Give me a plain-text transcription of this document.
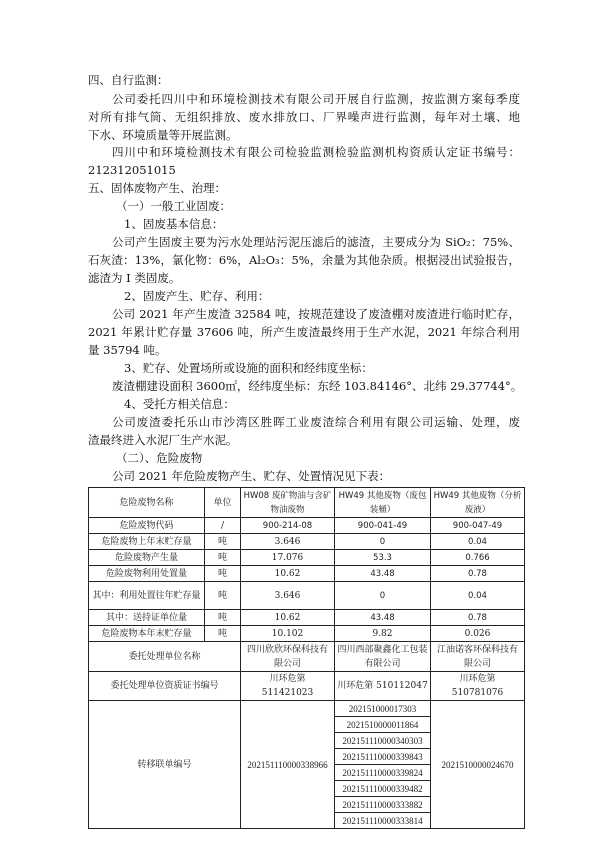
四、自行监测：
公司委托四川中和环境检测技术有限公司开展自行监测，按监测方案每季度
对所有排气筒、无组织排放、废水排放口、厂界噪声进行监测，每年对土壤、地
下水、环境质量等开展监测。
四川中和环境检测技术有限公司检验监测检验监测机构资质认定证书编号：
212312051015
五、固体废物产生、治理：
（一）一般工业固废：
1、固废基本信息：
公司产生固废主要为污水处理站污泥压滤后的滤渣，主要成分为 SiO₂：75%、
石灰渣：13%，氯化物：6%，Al₂O₃：5%，余量为其他杂质。根据浸出试验报告，
滤渣为 I 类固废。
2、固废产生、贮存、利用：
公司 2021 年产生废渣 32584 吨，按规范建设了废渣棚对废渣进行临时贮存，
2021 年累计贮存量 37606 吨，所产生废渣最终用于生产水泥，2021 年综合利用
量 35794 吨。
3、贮存、处置场所或设施的面积和经纬度坐标：
废渣棚建设面积 3600㎡，经纬度坐标：东经 103.84146°、北纬 29.37744°。
4、受托方相关信息：
公司废渣委托乐山市沙湾区胜晖工业废渣综合利用有限公司运输、处理，废
渣最终进入水泥厂生产水泥。
（二）、危险废物
公司 2021 年危险废物产生、贮存、处置情况见下表：
危险废物名称	单位	HW08 废矿物油与含矿物油废物	HW49 其他废物（废包装桶）	HW49 其他废物（分析废液）
危险废物代码	/	900-214-08	900-041-49	900-047-49
危险废物上年末贮存量	吨	3.646	0	0.04
危险废物产生量	吨	17.076	53.3	0.766
危险废物利用处置量	吨	10.62	43.48	0.78
其中：利用处置往年贮存量	吨	3.646	0	0.04
其中：送持证单位量	吨	10.62	43.48	0.78
危险废物本年末贮存量	吨	10.102	9.82	0.026
委托处理单位名称		四川欣欣环保科技有限公司	四川西部聚鑫化工包装有限公司	江油诺客环保科技有限公司
委托处理单位资质证书编号		川环危第 511421023	川环危第 510112047	川环危第 510781076
转移联单编号		202151110000338966	202151000017303	2021510000024670
			2021510000011864	
			202151110000340303	
			202151110000339843	
			202151110000339824	
			202151110000339482	
			202151110000333882	
			202151110000333814	
